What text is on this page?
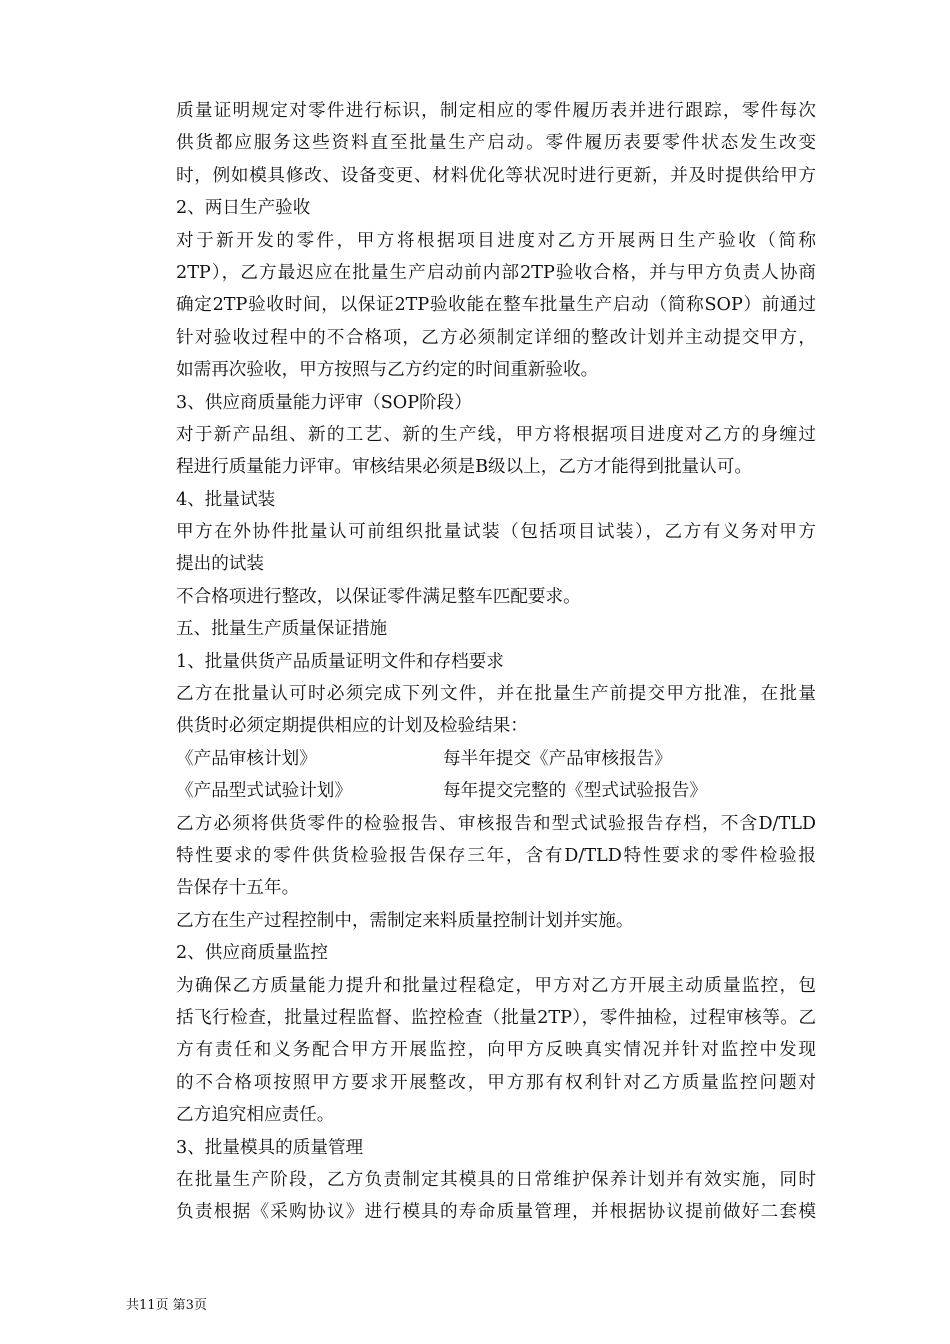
质量证明规定对零件进行标识，制定相应的零件履历表并进行跟踪，零件每次
供货都应服务这些资料直至批量生产启动。零件履历表要零件状态发生改变
时，例如模具修改、设备变更、材料优化等状况时进行更新，并及时提供给甲方
2、两日生产验收
对于新开发的零件，甲方将根据项目进度对乙方开展两日生产验收（简称
2TP），乙方最迟应在批量生产启动前内部2TP验收合格，并与甲方负责人协商
确定2TP验收时间，以保证2TP验收能在整车批量生产启动（简称SOP）前通过
针对验收过程中的不合格项，乙方必须制定详细的整改计划并主动提交甲方，
如需再次验收，甲方按照与乙方约定的时间重新验收。
3、供应商质量能力评审（SOP阶段）
对于新产品组、新的工艺、新的生产线，甲方将根据项目进度对乙方的身缠过
程进行质量能力评审。审核结果必须是B级以上，乙方才能得到批量认可。
4、批量试装
甲方在外协件批量认可前组织批量试装（包括项目试装），乙方有义务对甲方
提出的试装
不合格项进行整改，以保证零件满足整车匹配要求。
五、批量生产质量保证措施
1、批量供货产品质量证明文件和存档要求
乙方在批量认可时必须完成下列文件，并在批量生产前提交甲方批准，在批量
供货时必须定期提供相应的计划及检验结果：
《产品审核计划》	每半年提交《产品审核报告》
《产品型式试验计划》	每年提交完整的《型式试验报告》
乙方必须将供货零件的检验报告、审核报告和型式试验报告存档，不含D/TLD
特性要求的零件供货检验报告保存三年，含有D/TLD特性要求的零件检验报
告保存十五年。
乙方在生产过程控制中，需制定来料质量控制计划并实施。
2、供应商质量监控
为确保乙方质量能力提升和批量过程稳定，甲方对乙方开展主动质量监控，包
括飞行检查，批量过程监督、监控检查（批量2TP），零件抽检，过程审核等。乙
方有责任和义务配合甲方开展监控，向甲方反映真实情况并针对监控中发现
的不合格项按照甲方要求开展整改，甲方那有权利针对乙方质量监控问题对
乙方追究相应责任。
3、批量模具的质量管理
在批量生产阶段，乙方负责制定其模具的日常维护保养计划并有效实施，同时
负责根据《采购协议》进行模具的寿命质量管理，并根据协议提前做好二套模
共11页 第3页
